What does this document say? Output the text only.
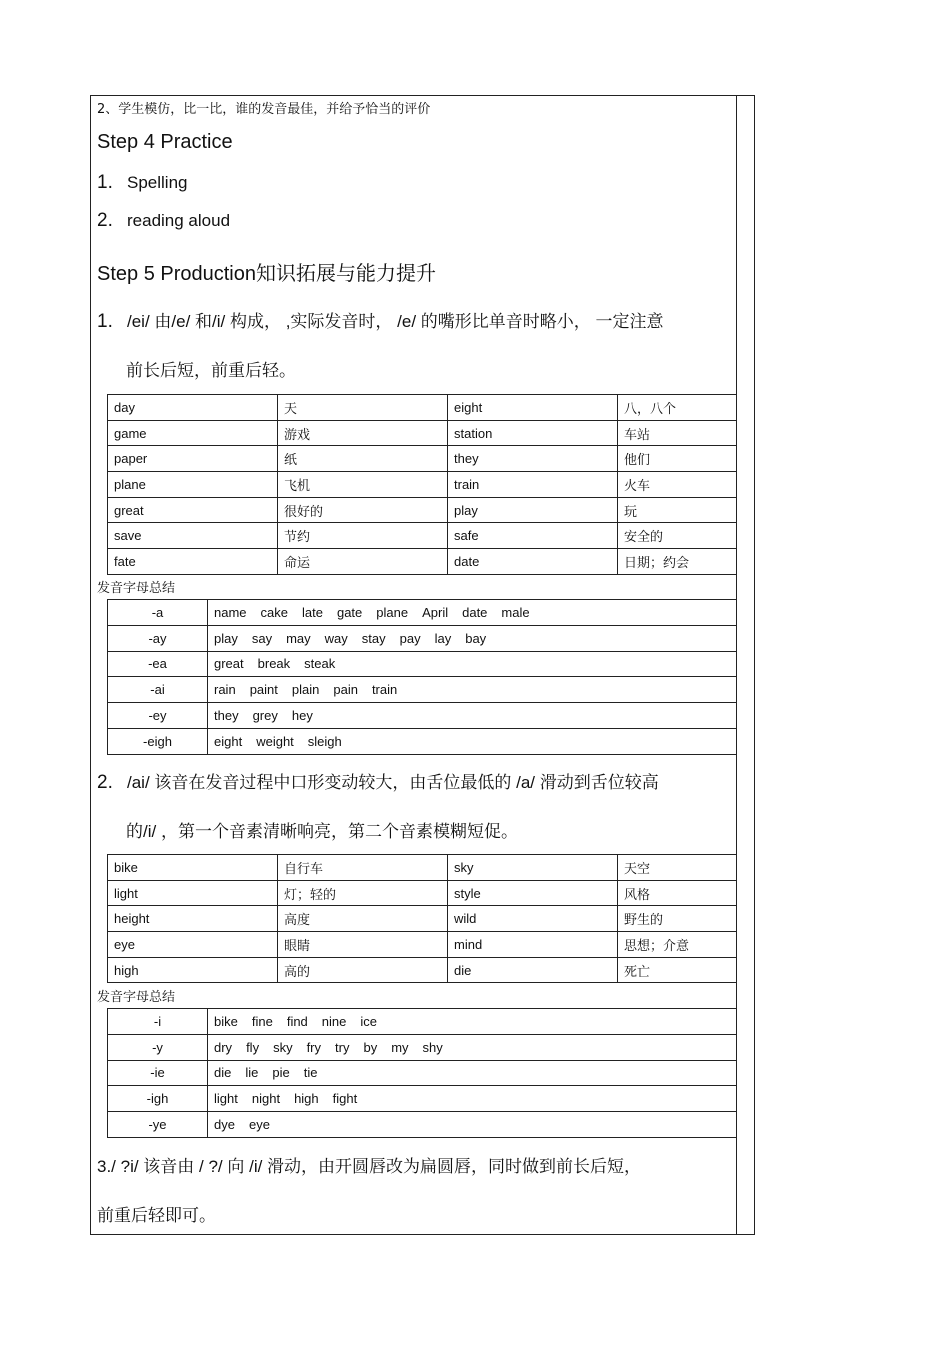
2、学生模仿，比一比，谁的发音最佳，并给予恰当的评价
Step 4 Practice
1. Spelling
2. reading aloud
Step 5 Production知识拓展与能力提升
1. /ei/ 由/e/ 和/i/ 构成， ,实际发音时， /e/ 的嘴形比单音时略小， 一定注意
前长后短，前重后轻。
day	天	eight	八，八个
game	游戏	station	车站
paper	纸	they	他们
plane	飞机	train	火车
great	很好的	play	玩
save	节约	safe	安全的
fate	命运	date	日期；约会
发音字母总结
-a	name cake late gate plane April date male
-ay	play say may way stay pay lay bay
-ea	great break steak
-ai	rain paint plain pain train
-ey	they grey hey
-eigh	eight weight sleigh
2. /ai/ 该音在发音过程中口形变动较大，由舌位最低的 /a/ 滑动到舌位较高
的/i/ ，第一个音素清晰响亮，第二个音素模糊短促。
bike	自行车	sky	天空
light	灯；轻的	style	风格
height	高度	wild	野生的
eye	眼睛	mind	思想；介意
high	高的	die	死亡
发音字母总结
-i	bike fine find nine ice
-y	dry fly sky fry try by my shy
-ie	die lie pie tie
-igh	light night high fight
-ye	dye eye
3./ ?i/ 该音由 / ?/ 向 /i/ 滑动，由开圆唇改为扁圆唇，同时做到前长后短，
前重后轻即可。
